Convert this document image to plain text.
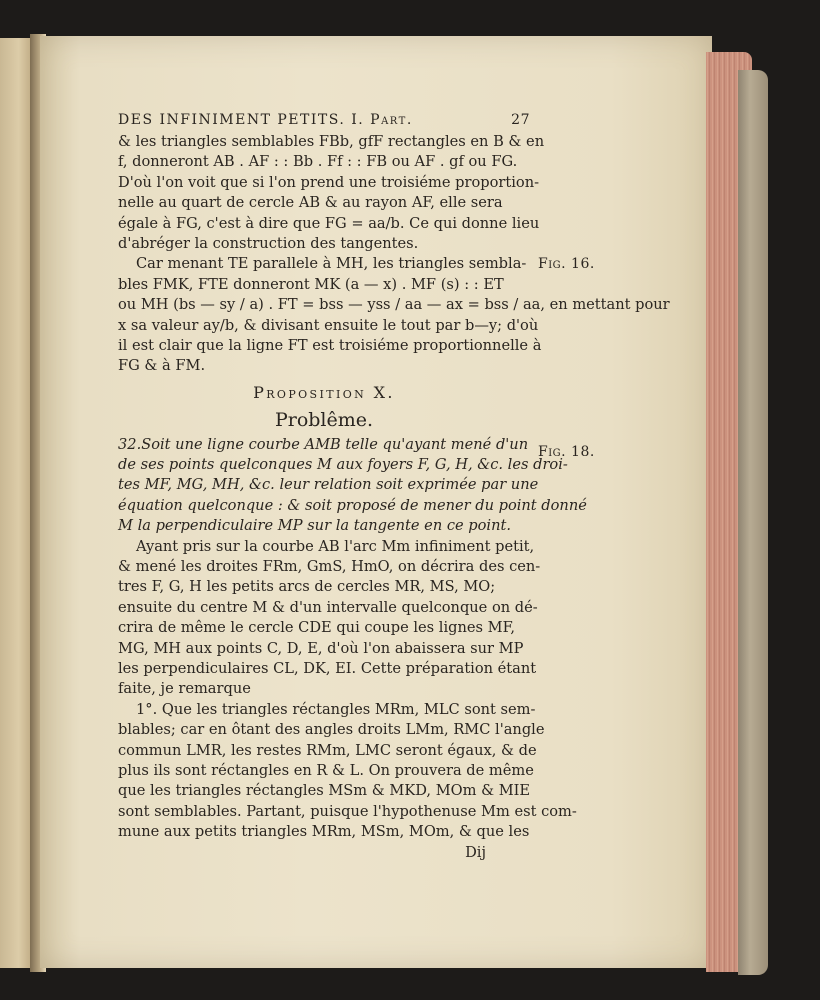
DES INFINIMENT PETITS. I. Part.	27
& les triangles semblables FBb, gfF rectangles en B & en
f, donneront AB . AF : : Bb . Ff : : FB ou AF . gf ou FG.
D'où l'on voit que si l'on prend une troisiéme proportion-
nelle au quart de cercle AB & au rayon AF, elle sera
égale à FG, c'est à dire que FG = aa/b. Ce qui donne lieu
d'abréger la construction des tangentes.
Car menant TE parallele à MH, les triangles sembla-
bles FMK, FTE donneront MK (a — x) . MF (s) : : ET
ou MH (bs — sy / a) . FT = bss — yss / aa — ax = bss / aa, en mettant pour
x sa valeur ay/b, & divisant ensuite le tout par b—y; d'où
il est clair que la ligne FT est troisiéme proportionnelle à
FG & à FM.
Proposition X.
Problême.
32.Soit une ligne courbe AMB telle qu'ayant mené d'un
de ses points quelconques M aux foyers F, G, H, &c. les droi-
tes MF, MG, MH, &c. leur relation soit exprimée par une
équation quelconque : & soit proposé de mener du point donné
M la perpendiculaire MP sur la tangente en ce point.
Ayant pris sur la courbe AB l'arc Mm infiniment petit,
& mené les droites FRm, GmS, HmO, on décrira des cen-
tres F, G, H les petits arcs de cercles MR, MS, MO;
ensuite du centre M & d'un intervalle quelconque on dé-
crira de même le cercle CDE qui coupe les lignes MF,
MG, MH aux points C, D, E, d'où l'on abaissera sur MP
les perpendiculaires CL, DK, EI. Cette préparation étant
faite, je remarque
1°. Que les triangles réctangles MRm, MLC sont sem-
blables; car en ôtant des angles droits LMm, RMC l'angle
commun LMR, les restes RMm, LMC seront égaux, & de
plus ils sont réctangles en R & L. On prouvera de même
que les triangles réctangles MSm & MKD, MOm & MIE
sont semblables. Partant, puisque l'hypothenuse Mm est com-
mune aux petits triangles MRm, MSm, MOm, & que les
Dij
Fig. 16.
Fig. 18.
